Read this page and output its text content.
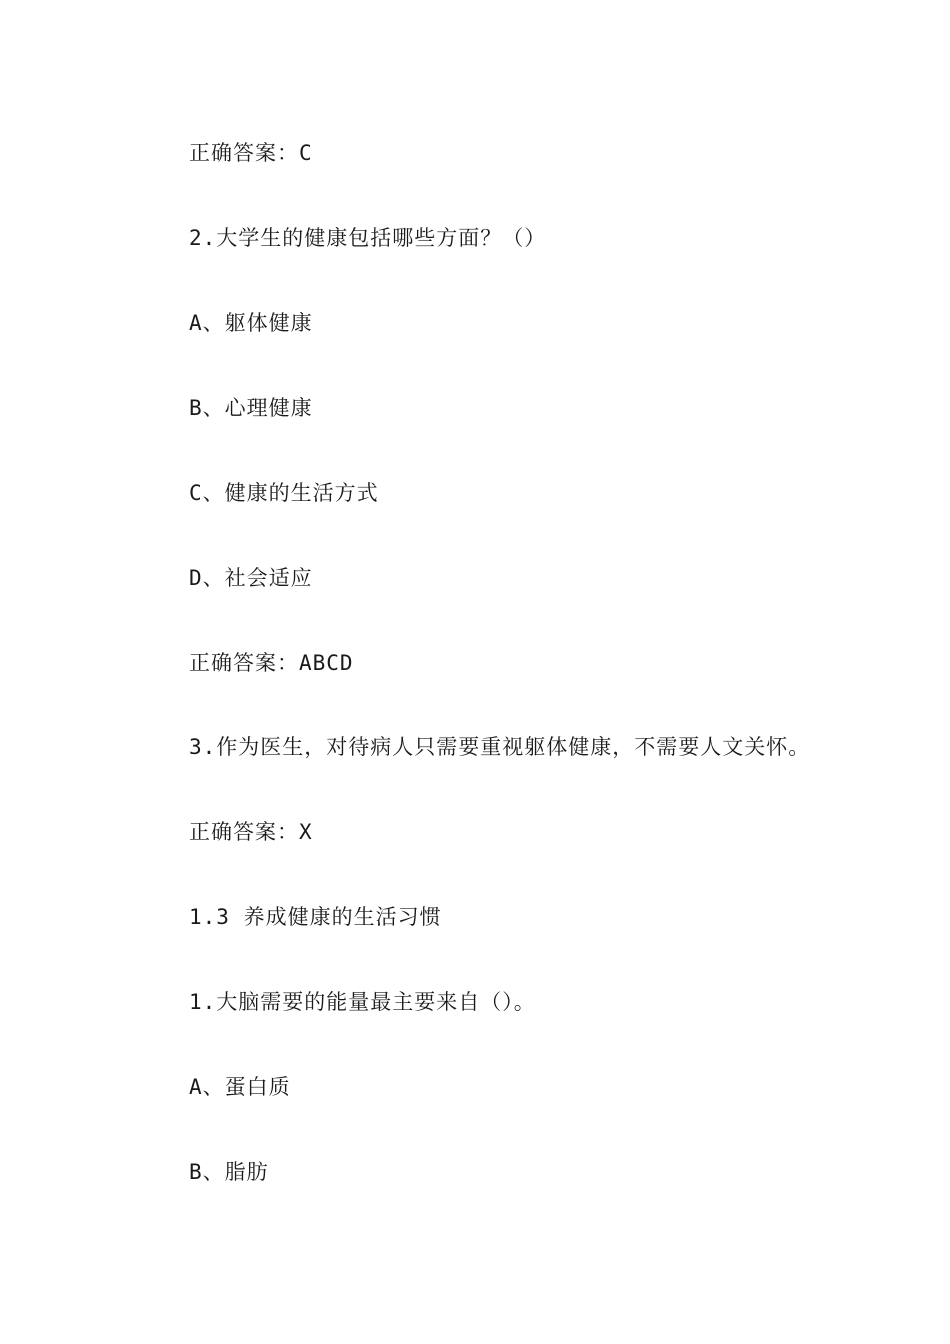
正确答案：C
2.大学生的健康包括哪些方面？（）
A、躯体健康
B、心理健康
C、健康的生活方式
D、社会适应
正确答案：ABCD
3.作为医生，对待病人只需要重视躯体健康，不需要人文关怀。
正确答案：X
1.3 养成健康的生活习惯
1.大脑需要的能量最主要来自（）。
A、蛋白质
B、脂肪
